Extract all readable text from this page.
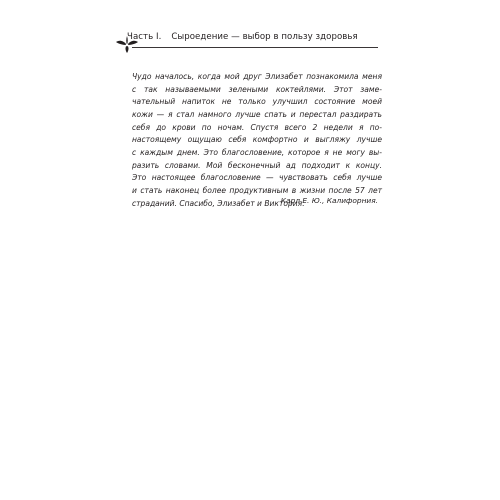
Часть I. Сыроедение — выбор в пользу здоровья
Чудо началось, когда мой друг Элизабет познакомила меня
с так называемыми зелеными коктейлями. Этот заме-
чательный напиток не только улучшил состояние моей
кожи — я стал намного лучше спать и перестал раздирать
себя до крови по ночам. Спустя всего 2 недели я по-
настоящему ощущаю себя комфортно и выгляжу лучше
с каждым днем. Это благословение, которое я не могу вы-
разить словами. Мой бесконечный ад подходит к концу.
Это настоящее благословение — чувствовать себя лучше
и стать наконец более продуктивным в жизни после 57 лет
страданий. Спасибо, Элизабет и Виктория.
Карл Е. Ю., Калифорния.
